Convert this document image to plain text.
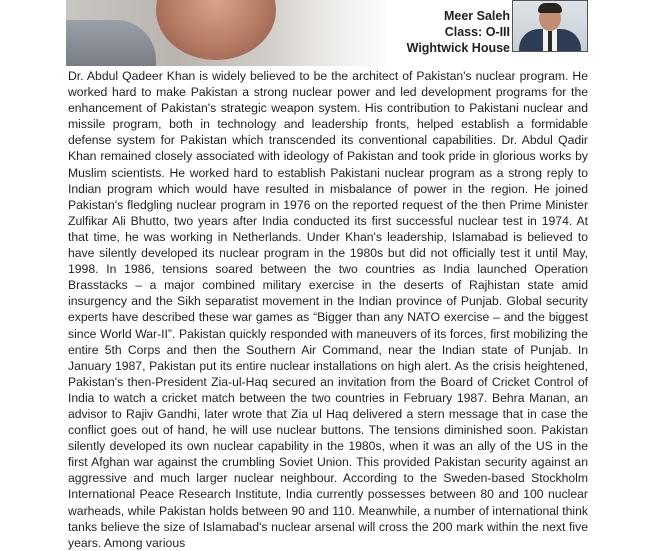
Meer Saleh
Class: O-III
Wightwick House

Dr. Abdul Qadeer Khan is widely believed to be the architect of Pakistan's nuclear program. He worked hard to make Pakistan a strong nuclear power and led development programs for the enhancement of Pakistan's strategic weapon system. His contribution to Pakistani nuclear and missile program, both in technology and leadership fronts, helped establish a formidable defense system for Pakistan which transcended its conventional capabilities. Dr. Abdul Qadir Khan remained closely associated with ideology of Pakistan and took pride in glorious works by Muslim scientists. He worked hard to establish Pakistani nuclear program as a strong reply to Indian program which would have resulted in misbalance of power in the region. He joined Pakistan's fledgling nuclear program in 1976 on the reported request of the then Prime Minister Zulfikar Ali Bhutto, two years after India conducted its first successful nuclear test in 1974. At that time, he was working in Netherlands. Under Khan's leadership, Islamabad is believed to have silently developed its nuclear program in the 1980s but did not officially test it until May, 1998. In 1986, tensions soared between the two countries as India launched Operation Brasstacks – a major combined military exercise in the deserts of Rajhistan state amid insurgency and the Sikh separatist movement in the Indian province of Punjab. Global security experts have described these war games as “Bigger than any NATO exercise – and the biggest since World War-II”. Pakistan quickly responded with maneuvers of its forces, first mobilizing the entire 5th Corps and then the Southern Air Command, near the Indian state of Punjab. In January 1987, Pakistan put its entire nuclear installations on high alert. As the crisis heightened, Pakistan's then-President Zia-ul-Haq secured an invitation from the Board of Cricket Control of India to watch a cricket match between the two countries in February 1987. Behra Manan, an advisor to Rajiv Gandhi, later wrote that Zia ul Haq delivered a stern message that in case the conflict goes out of hand, he will use nuclear buttons. The tensions diminished soon. Pakistan silently developed its own nuclear capability in the 1980s, when it was an ally of the US in the first Afghan war against the crumbling Soviet Union. This provided Pakistan security against an aggressive and much larger nuclear neighbour. According to the Sweden-based Stockholm International Peace Research Institute, India currently possesses between 80 and 100 nuclear warheads, while Pakistan holds between 90 and 110. Meanwhile, a number of international think tanks believe the size of Islamabad's nuclear arsenal will cross the 200 mark within the next five years. Among various
